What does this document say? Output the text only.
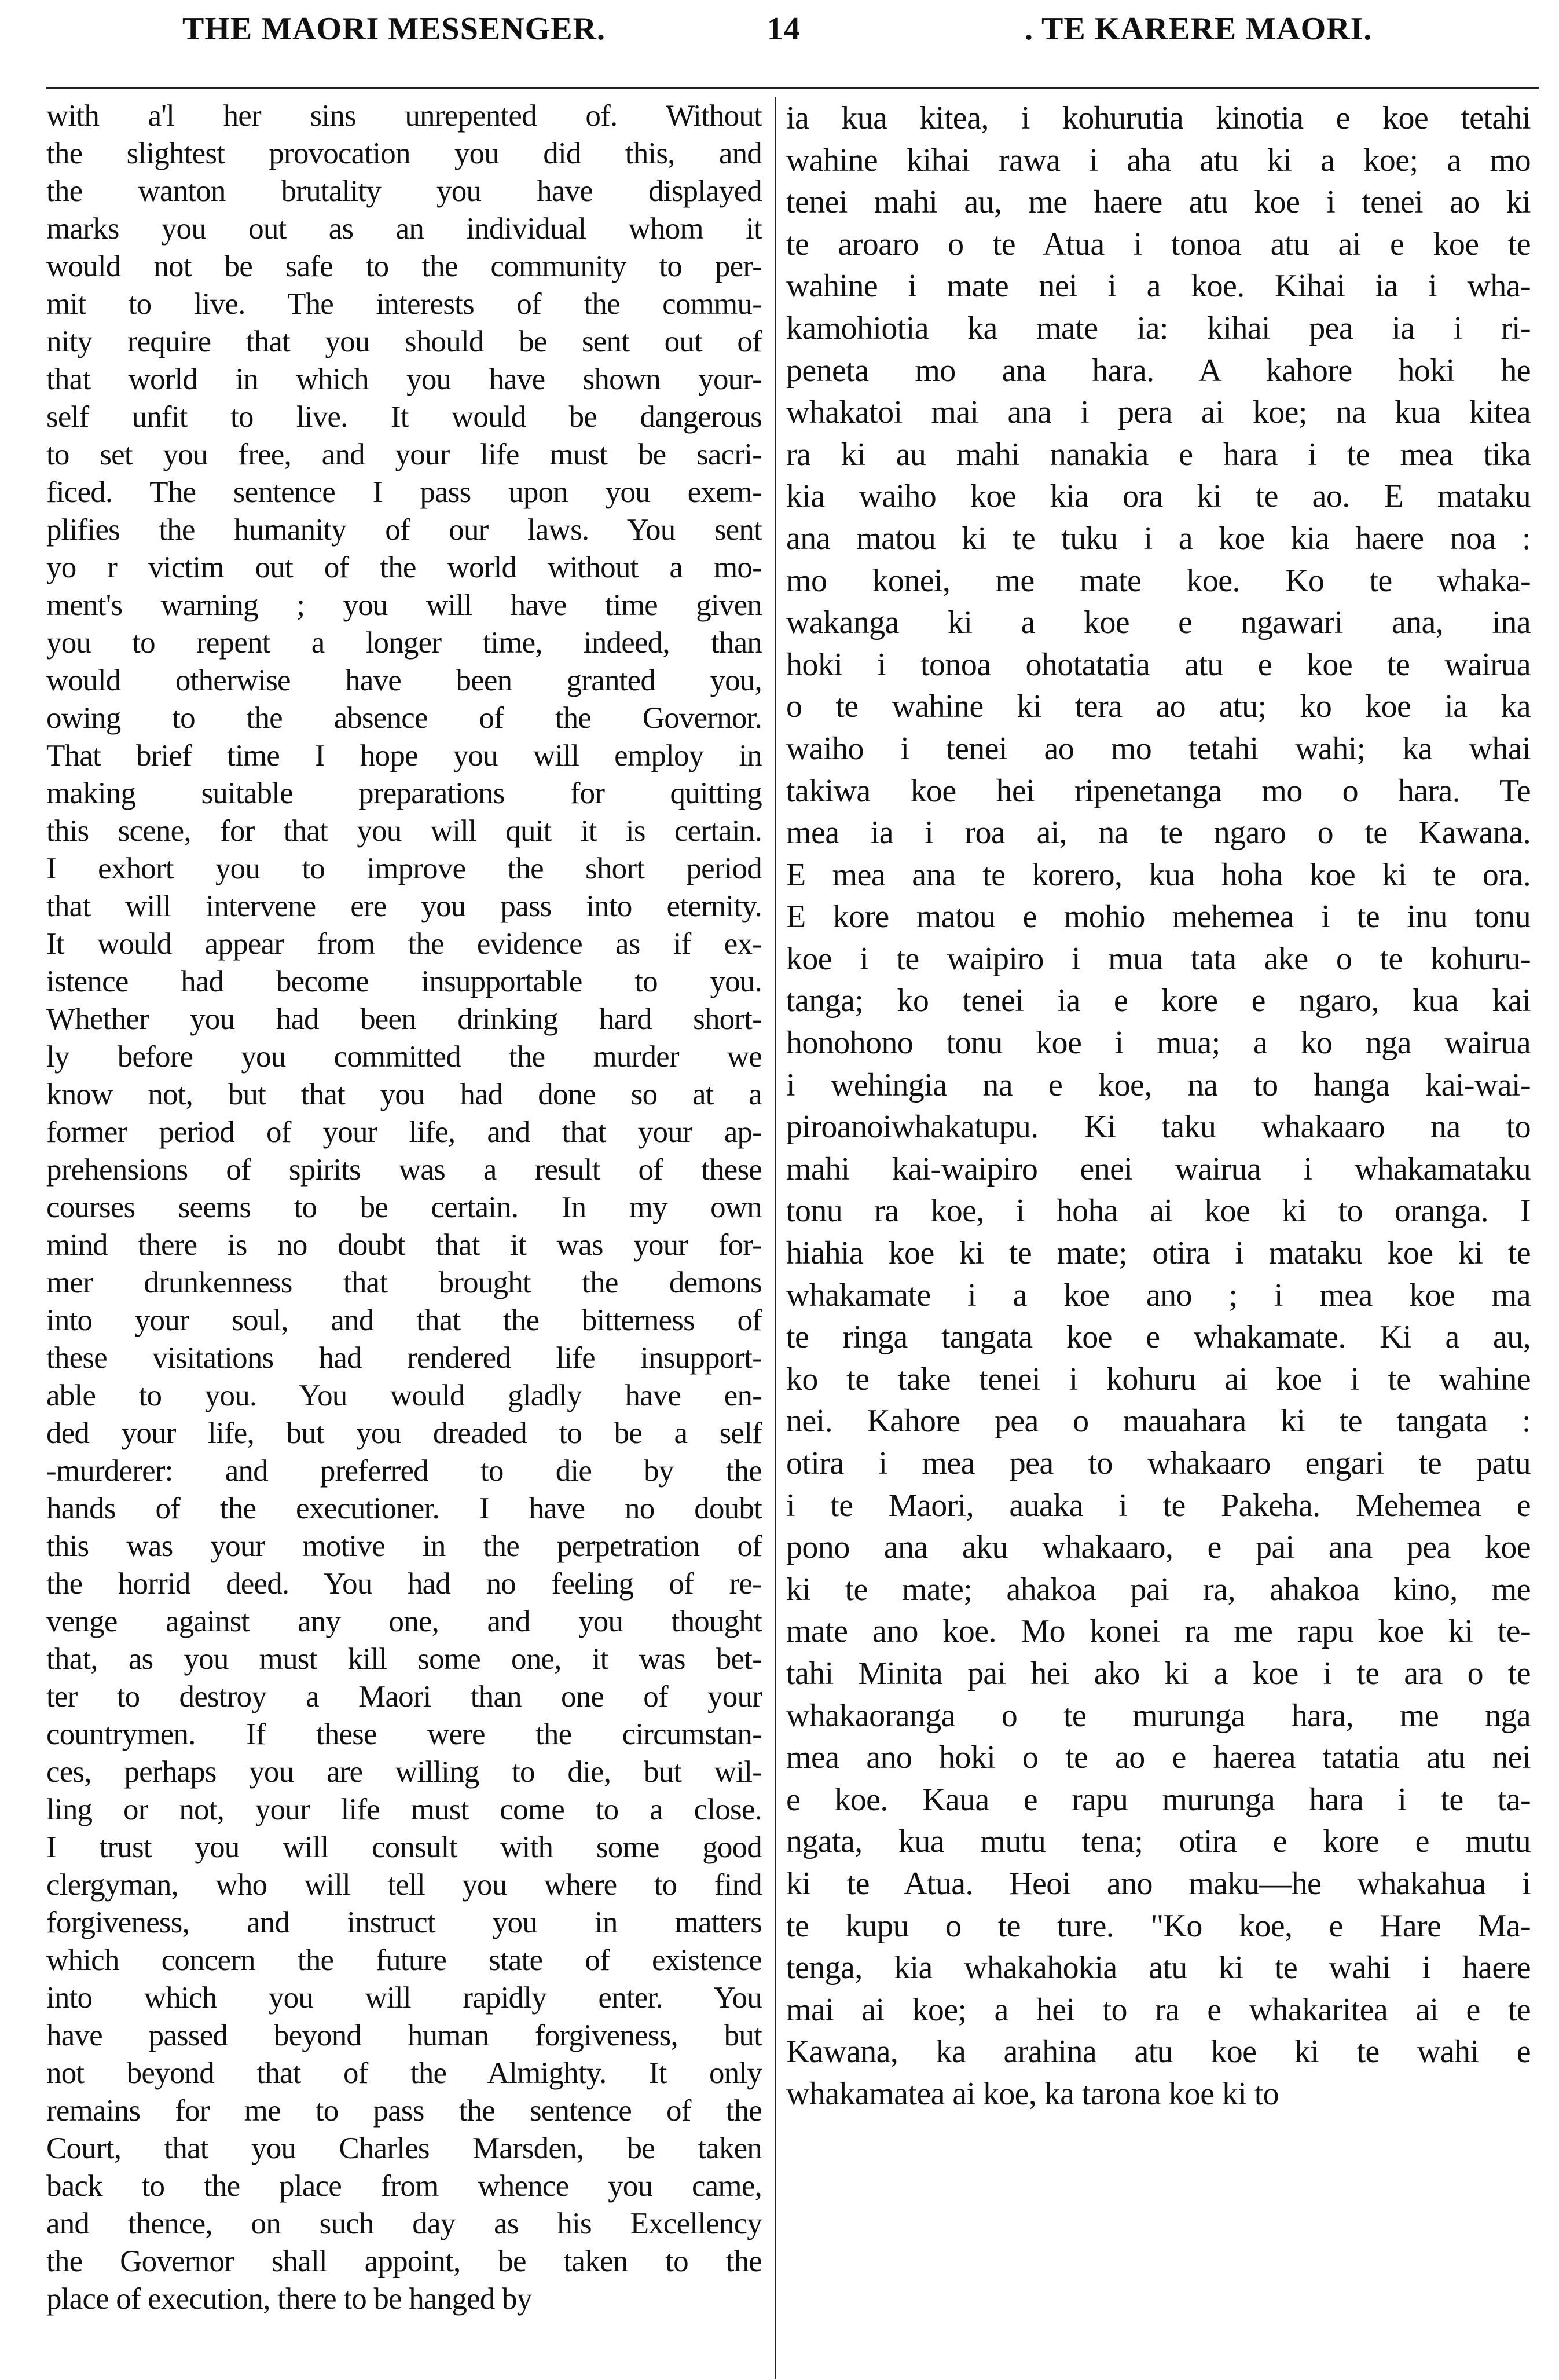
THE MAORI MESSENGER.	14	. TE KARERE MAORI.
with a'l her sins unrepented of. Without
the slightest provocation you did this, and
the wanton brutality you have displayed
marks you out as an individual whom it
would not be safe to the community to per-
mit to live. The interests of the commu-
nity require that you should be sent out of
that world in which you have shown your-
self unfit to live. It would be dangerous
to set you free, and your life must be sacri-
ficed. The sentence I pass upon you exem-
plifies the humanity of our laws. You sent
yo r victim out of the world without a mo-
ment's warning ; you will have time given
you to repent a longer time, indeed, than
would otherwise have been granted you,
owing to the absence of the Governor.
That brief time I hope you will employ in
making suitable preparations for quitting
this scene, for that you will quit it is certain.
I exhort you to improve the short period
that will intervene ere you pass into eternity.
It would appear from the evidence as if ex-
istence had become insupportable to you.
Whether you had been drinking hard short-
ly before you committed the murder we
know not, but that you had done so at a
former period of your life, and that your ap-
prehensions of spirits was a result of these
courses seems to be certain. In my own
mind there is no doubt that it was your for-
mer drunkenness that brought the demons
into your soul, and that the bitterness of
these visitations had rendered life insupport-
able to you. You would gladly have en-
ded your life, but you dreaded to be a self
-murderer: and preferred to die by the
hands of the executioner. I have no doubt
this was your motive in the perpetration of
the horrid deed. You had no feeling of re-
venge against any one, and you thought
that, as you must kill some one, it was bet-
ter to destroy a Maori than one of your
countrymen. If these were the circumstan-
ces, perhaps you are willing to die, but wil-
ling or not, your life must come to a close.
I trust you will consult with some good
clergyman, who will tell you where to find
forgiveness, and instruct you in matters
which concern the future state of existence
into which you will rapidly enter. You
have passed beyond human forgiveness, but
not beyond that of the Almighty. It only
remains for me to pass the sentence of the
Court, that you Charles Marsden, be taken
back to the place from whence you came,
and thence, on such day as his Excellency
the Governor shall appoint, be taken to the
place of execution, there to be hanged by
ia kua kitea, i kohurutia kinotia e koe tetahi
wahine kihai rawa i aha atu ki a koe; a mo
tenei mahi au, me haere atu koe i tenei ao ki
te aroaro o te Atua i tonoa atu ai e koe te
wahine i mate nei i a koe. Kihai ia i wha-
kamohiotia ka mate ia: kihai pea ia i ri-
peneta mo ana hara. A kahore hoki he
whakatoi mai ana i pera ai koe; na kua kitea
ra ki au mahi nanakia e hara i te mea tika
kia waiho koe kia ora ki te ao. E mataku
ana matou ki te tuku i a koe kia haere noa :
mo konei, me mate koe. Ko te whaka-
wakanga ki a koe e ngawari ana, ina
hoki i tonoa ohotatatia atu e koe te wairua
o te wahine ki tera ao atu; ko koe ia ka
waiho i tenei ao mo tetahi wahi; ka whai
takiwa koe hei ripenetanga mo o hara. Te
mea ia i roa ai, na te ngaro o te Kawana.
E mea ana te korero, kua hoha koe ki te ora.
E kore matou e mohio mehemea i te inu tonu
koe i te waipiro i mua tata ake o te kohuru-
tanga; ko tenei ia e kore e ngaro, kua kai
honohono tonu koe i mua; a ko nga wairua
i wehingia na e koe, na to hanga kai-wai-
piroanoiwhakatupu. Ki taku whakaaro na to
mahi kai-waipiro enei wairua i whakamataku
tonu ra koe, i hoha ai koe ki to oranga. I
hiahia koe ki te mate; otira i mataku koe ki te
whakamate i a koe ano ; i mea koe ma
te ringa tangata koe e whakamate. Ki a au,
ko te take tenei i kohuru ai koe i te wahine
nei. Kahore pea o mauahara ki te tangata :
otira i mea pea to whakaaro engari te patu
i te Maori, auaka i te Pakeha. Mehemea e
pono ana aku whakaaro, e pai ana pea koe
ki te mate; ahakoa pai ra, ahakoa kino, me
mate ano koe. Mo konei ra me rapu koe ki te-
tahi Minita pai hei ako ki a koe i te ara o te
whakaoranga o te murunga hara, me nga
mea ano hoki o te ao e haerea tatatia atu nei
e koe. Kaua e rapu murunga hara i te ta-
ngata, kua mutu tena; otira e kore e mutu
ki te Atua. Heoi ano maku—he whakahua i
te kupu o te ture. "Ko koe, e Hare Ma-
tenga, kia whakahokia atu ki te wahi i haere
mai ai koe; a hei to ra e whakaritea ai e te
Kawana, ka arahina atu koe ki te wahi e
whakamatea ai koe, ka tarona koe ki to
